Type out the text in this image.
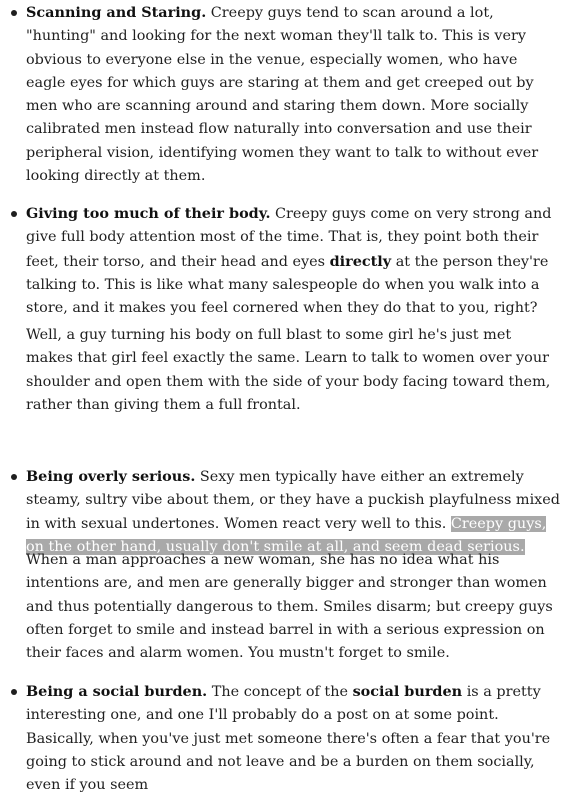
Scanning and Staring. Creepy guys tend to scan around a lot, "hunting" and looking for the next woman they'll talk to. This is very obvious to everyone else in the venue, especially women, who have eagle eyes for which guys are staring at them and get creeped out by men who are scanning around and staring them down. More socially calibrated men instead flow naturally into conversation and use their peripheral vision, identifying women they want to talk to without ever looking directly at them.

Giving too much of their body. Creepy guys come on very strong and give full body attention most of the time. That is, they point both their feet, their torso, and their head and eyes directly at the person they're talking to. This is like what many salespeople do when you walk into a store, and it makes you feel cornered when they do that to you, right?

Well, a guy turning his body on full blast to some girl he's just met makes that girl feel exactly the same. Learn to talk to women over your shoulder and open them with the side of your body facing toward them, rather than giving them a full frontal.

Being overly serious. Sexy men typically have either an extremely steamy, sultry vibe about them, or they have a puckish playfulness mixed in with sexual undertones. Women react very well to this. Creepy guys, on the other hand, usually don't smile at all, and seem dead serious.

When a man approaches a new woman, she has no idea what his intentions are, and men are generally bigger and stronger than women and thus potentially dangerous to them. Smiles disarm; but creepy guys often forget to smile and instead barrel in with a serious expression on their faces and alarm women. You mustn't forget to smile.

Being a social burden. The concept of the social burden is a pretty interesting one, and one I'll probably do a post on at some point. Basically, when you've just met someone there's often a fear that you're going to stick around and not leave and be a burden on them socially, even if you seem
